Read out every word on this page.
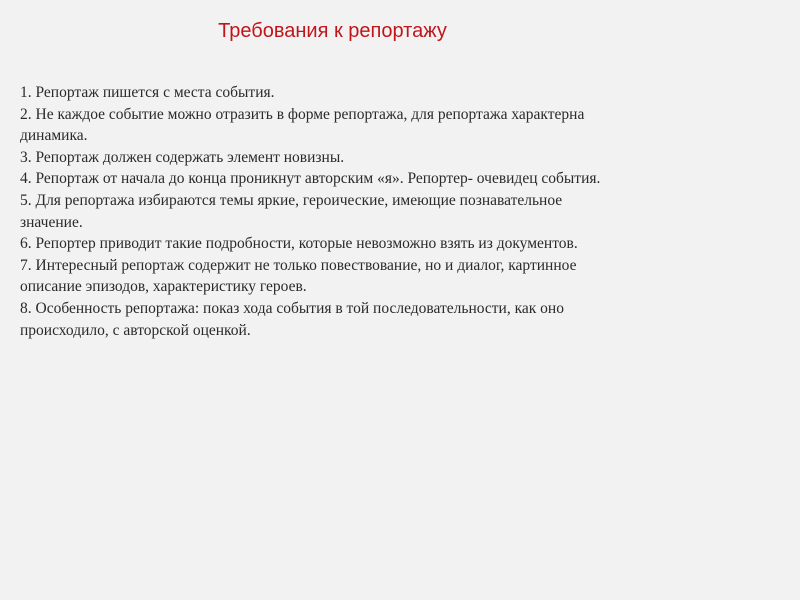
Требования к репортажу
1. Репортаж пишется с места события.
2. Не каждое событие можно отразить в форме репортажа, для репортажа характерна
динамика.
3. Репортаж должен содержать элемент новизны.
4. Репортаж от начала до конца проникнут авторским «я». Репортер- очевидец события.
5. Для репортажа избираются темы яркие, героические, имеющие познавательное
значение.
6. Репортер приводит такие подробности, которые невозможно взять из документов.
7. Интересный репортаж содержит не только повествование, но и диалог, картинное
описание эпизодов, характеристику героев.
8. Особенность репортажа: показ хода события в той последовательности, как оно
происходило, с авторской оценкой.
